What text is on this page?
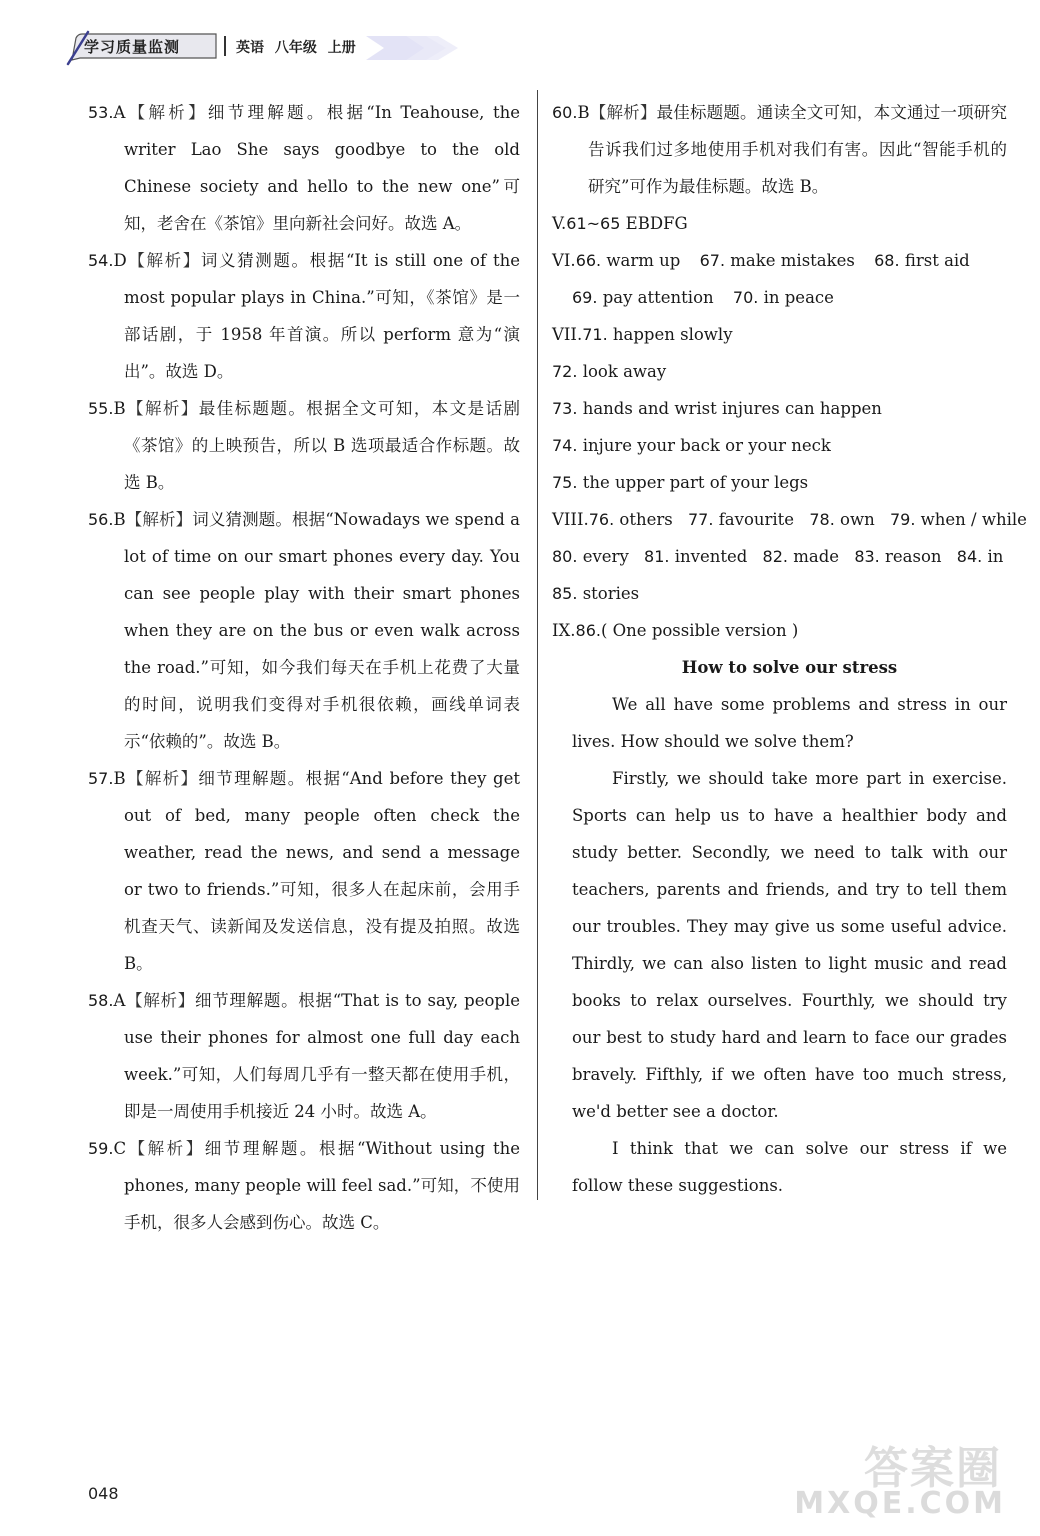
学习质量监测	英语 八年级 上册
53.A【解析】细节理解题。根据“In Teahouse, the writer Lao She says goodbye to the old Chinese society and hello to the new one”可知，老舍在《茶馆》里向新社会问好。故选 A。
54.D【解析】词义猜测题。根据“It is still one of the most popular plays in China.”可知，《茶馆》是一部话剧，于 1958 年首演。所以 perform 意为“演出”。故选 D。
55.B【解析】最佳标题题。根据全文可知，本文是话剧《茶馆》的上映预告，所以 B 选项最适合作标题。故选 B。
56.B【解析】词义猜测题。根据“Nowadays we spend a lot of time on our smart phones every day. You can see people play with their smart phones when they are on the bus or even walk across the road.”可知，如今我们每天在手机上花费了大量的时间，说明我们变得对手机很依赖，画线单词表示“依赖的”。故选 B。
57.B【解析】细节理解题。根据“And before they get out of bed, many people often check the weather, read the news, and send a message or two to friends.”可知，很多人在起床前，会用手机查天气、读新闻及发送信息，没有提及拍照。故选 B。
58.A【解析】细节理解题。根据“That is to say, people use their phones for almost one full day each week.”可知，人们每周几乎有一整天都在使用手机，即是一周使用手机接近 24 小时。故选 A。
59.C【解析】细节理解题。根据“Without using the phones, many people will feel sad.”可知，不使用手机，很多人会感到伤心。故选 C。
60.B【解析】最佳标题题。通读全文可知，本文通过一项研究告诉我们过多地使用手机对我们有害。因此“智能手机的研究”可作为最佳标题。故选 B。
V.61~65 EBDFG
VI.66. warm up 67. make mistakes 68. first aid
69. pay attention 70. in peace
VII.71. happen slowly
72. look away
73. hands and wrist injures can happen
74. injure your back or your neck
75. the upper part of your legs
VIII.76. others 77. favourite 78. own 79. when / while
80. every 81. invented 82. made 83. reason 84. in
85. stories
IX.86.( One possible version )
How to solve our stress
We all have some problems and stress in our lives. How should we solve them?
Firstly, we should take more part in exercise. Sports can help us to have a healthier body and study better. Secondly, we need to talk with our teachers, parents and friends, and try to tell them our troubles. They may give us some useful advice. Thirdly, we can also listen to light music and read books to relax ourselves. Fourthly, we should try our best to study hard and learn to face our grades bravely. Fifthly, if we often have too much stress, we'd better see a doctor.
I think that we can solve our stress if we follow these suggestions.
048	答案圈
MXQE.COM
